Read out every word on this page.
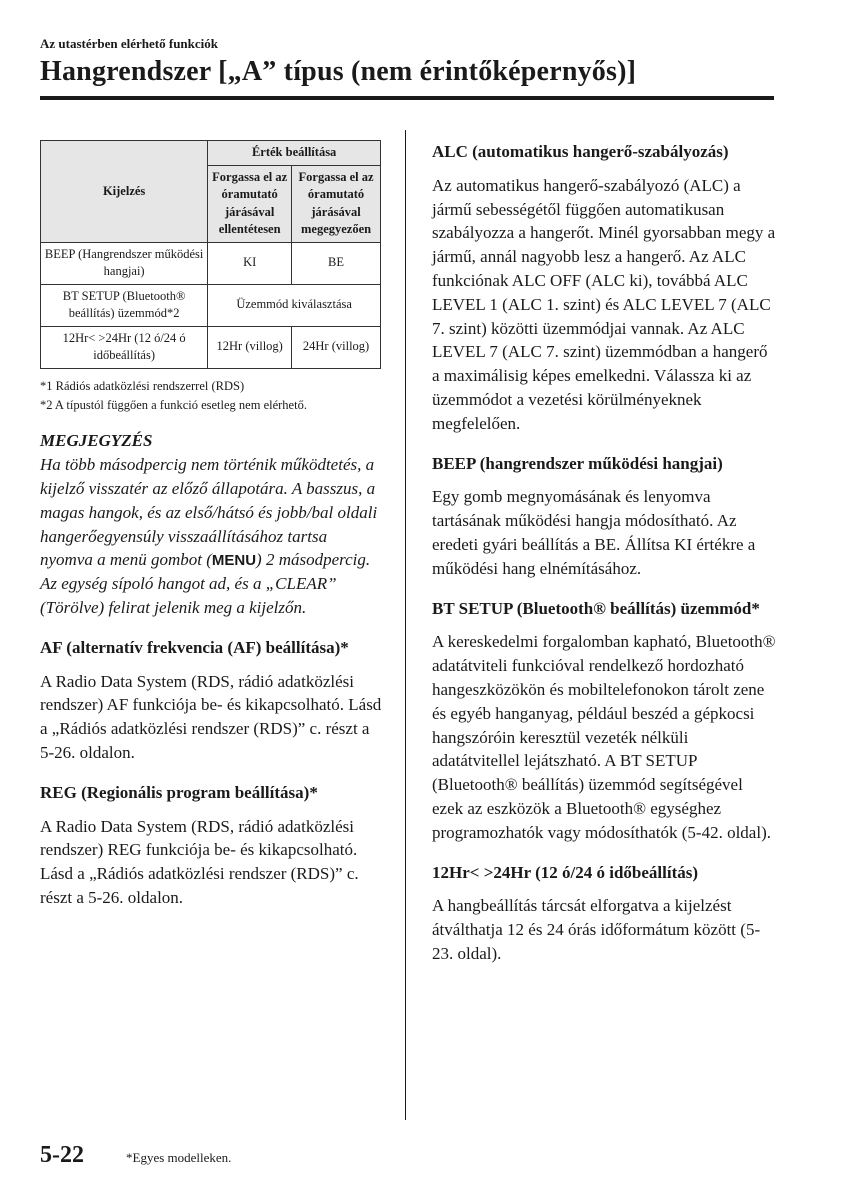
Az utastérben elérhető funkciók
Hangrendszer [„A” típus (nem érintőképernyős)]
Kijelzés	Érték beállítása	
	Forgassa el az óramutató járásával ellentétesen	Forgassa el az óramutató járásával megegyezően
BEEP (Hangrendszer működési hangjai)	KI	BE
BT SETUP (Bluetooth® beállítás) üzemmód*2	Üzemmód kiválasztása	
12Hr< >24Hr (12 ó/24 ó időbeállítás)	12Hr (villog)	24Hr (villog)
*1 Rádiós adatközlési rendszerrel (RDS)
*2 A típustól függően a funkció esetleg nem elérhető.
MEGJEGYZÉS
Ha több másodpercig nem történik működtetés, a kijelző visszatér az előző állapotára. A basszus, a magas hangok, és az első/hátsó és jobb/bal oldali hangerőegyensúly visszaállításához tartsa nyomva a menü gombot (MENU) 2 másodpercig. Az egység sípoló hangot ad, és a „CLEAR” (Törölve) felirat jelenik meg a kijelzőn.
AF (alternatív frekvencia (AF) beállítása)*
A Radio Data System (RDS, rádió adatközlési rendszer) AF funkciója be- és kikapcsolható. Lásd a „Rádiós adatközlési rendszer (RDS)” c. részt a 5-26. oldalon.
REG (Regionális program beállítása)*
A Radio Data System (RDS, rádió adatközlési rendszer) REG funkciója be- és kikapcsolható. Lásd a „Rádiós adatközlési rendszer (RDS)” c. részt a 5-26. oldalon.
ALC (automatikus hangerő-szabályozás)
Az automatikus hangerő-szabályozó (ALC) a jármű sebességétől függően automatikusan szabályozza a hangerőt. Minél gyorsabban megy a jármű, annál nagyobb lesz a hangerő. Az ALC funkciónak ALC OFF (ALC ki), továbbá ALC LEVEL 1 (ALC 1. szint) és ALC LEVEL 7 (ALC 7. szint) közötti üzemmódjai vannak. Az ALC LEVEL 7 (ALC 7. szint) üzemmódban a hangerő a maximálisig képes emelkedni. Válassza ki az üzemmódot a vezetési körülményeknek megfelelően.
BEEP (hangrendszer működési hangjai)
Egy gomb megnyomásának és lenyomva tartásának működési hangja módosítható. Az eredeti gyári beállítás a BE. Állítsa KI értékre a működési hang elnémításához.
BT SETUP (Bluetooth® beállítás) üzemmód*
A kereskedelmi forgalomban kapható, Bluetooth® adatátviteli funkcióval rendelkező hordozható hangeszközökön és mobiltelefonokon tárolt zene és egyéb hanganyag, például beszéd a gépkocsi hangszóróin keresztül vezeték nélküli adatátvitellel lejátszható. A BT SETUP (Bluetooth® beállítás) üzemmód segítségével ezek az eszközök a Bluetooth® egységhez programozhatók vagy módosíthatók (5-42. oldal).
12Hr< >24Hr (12 ó/24 ó időbeállítás)
A hangbeállítás tárcsát elforgatva a kijelzést átválthatja 12 és 24 órás időformátum között (5-23. oldal).
5-22	*Egyes modelleken.
